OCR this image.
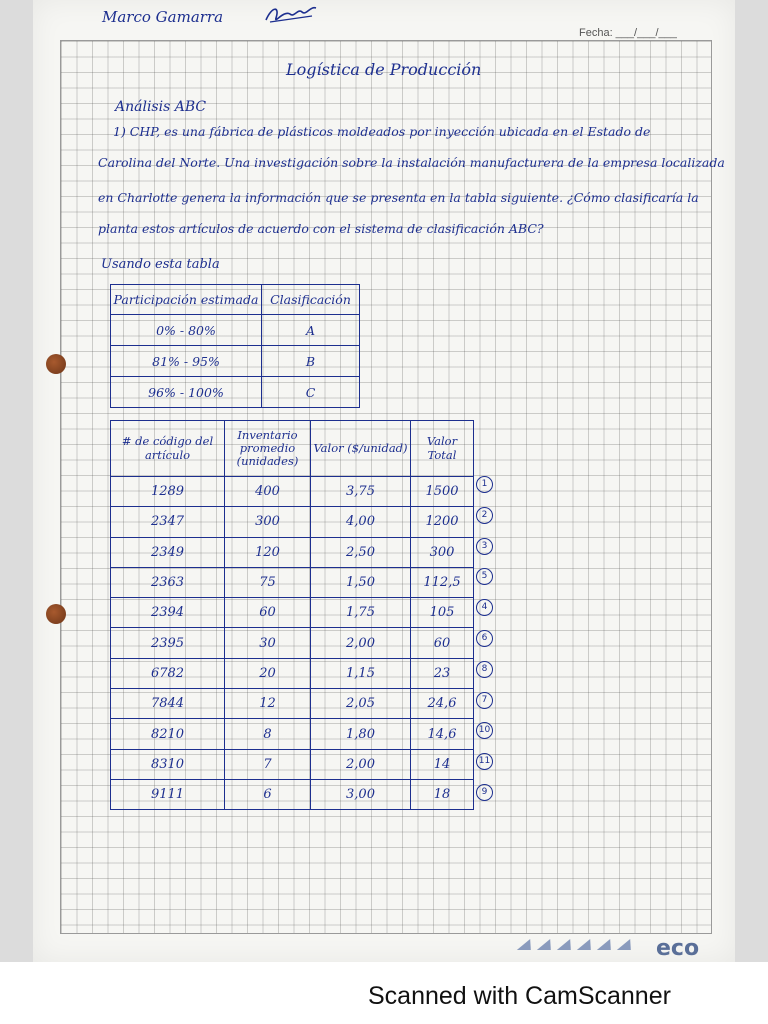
Marco Gamarra
Fecha: ___/___/___
Logística de Producción
Análisis ABC
1) CHP, es una fábrica de plásticos moldeados por inyección ubicada en el Estado de
Carolina del Norte. Una investigación sobre la instalación manufacturera de la empresa localizada
en Charlotte genera la información que se presenta en la tabla siguiente. ¿Cómo clasificaría la
planta estos artículos de acuerdo con el sistema de clasificación ABC?
Usando esta tabla
Participación estimada	Clasificación
0% - 80%	A
81% - 95%	B
96% - 100%	C
# de código del artículo	Inventario promedio (unidades)	Valor ($/unidad)	Valor Total
1289	400	3,75	1500
2347	300	4,00	1200
2349	120	2,50	300
2363	75	1,50	112,5
2394	60	1,75	105
2395	30	2,00	60
6782	20	1,15	23
7844	12	2,05	24,6
8210	8	1,80	14,6
8310	7	2,00	14
9111	6	3,00	18
1
2
3
5
4
6
8
7
10
11
9
eco
Scanned with CamScanner
